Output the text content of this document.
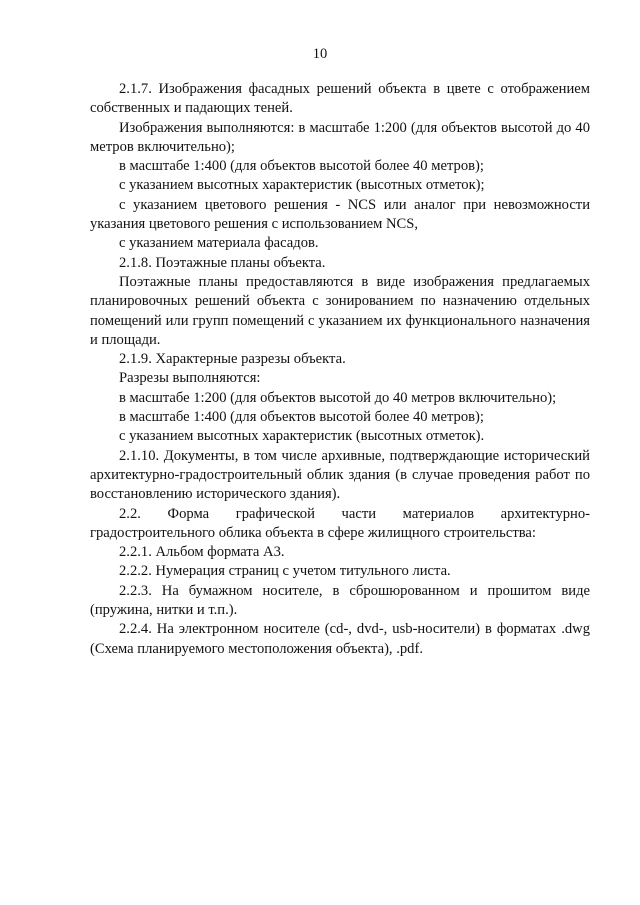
10

2.1.7. Изображения фасадных решений объекта в цвете с отображением собственных и падающих теней.

Изображения выполняются: в масштабе 1:200 (для объектов высотой до 40 метров включительно);

в масштабе 1:400 (для объектов высотой более 40 метров);

с указанием высотных характеристик (высотных отметок);

с указанием цветового решения - NCS или аналог при невозможности указания цветового решения с использованием NCS,

с указанием материала фасадов.

2.1.8. Поэтажные планы объекта.

Поэтажные планы предоставляются в виде изображения предлагаемых планировочных решений объекта с зонированием по назначению отдельных помещений или групп помещений с указанием их функционального назначения и площади.

2.1.9. Характерные разрезы объекта.

Разрезы выполняются:

в масштабе 1:200 (для объектов высотой до 40 метров включительно);

в масштабе 1:400 (для объектов высотой более 40 метров);

с указанием высотных характеристик (высотных отметок).

2.1.10. Документы, в том числе архивные, подтверждающие исторический архитектурно-градостроительный облик здания (в случае проведения работ по восстановлению исторического здания).

2.2. Форма графической части материалов архитектурно-градостроительного облика объекта в сфере жилищного строительства:

2.2.1. Альбом формата А3.

2.2.2. Нумерация страниц с учетом титульного листа.

2.2.3. На бумажном носителе, в сброшюрованном и прошитом виде (пружина, нитки и т.п.).

2.2.4. На электронном носителе (cd-, dvd-, usb-носители) в форматах .dwg (Схема планируемого местоположения объекта), .pdf.
